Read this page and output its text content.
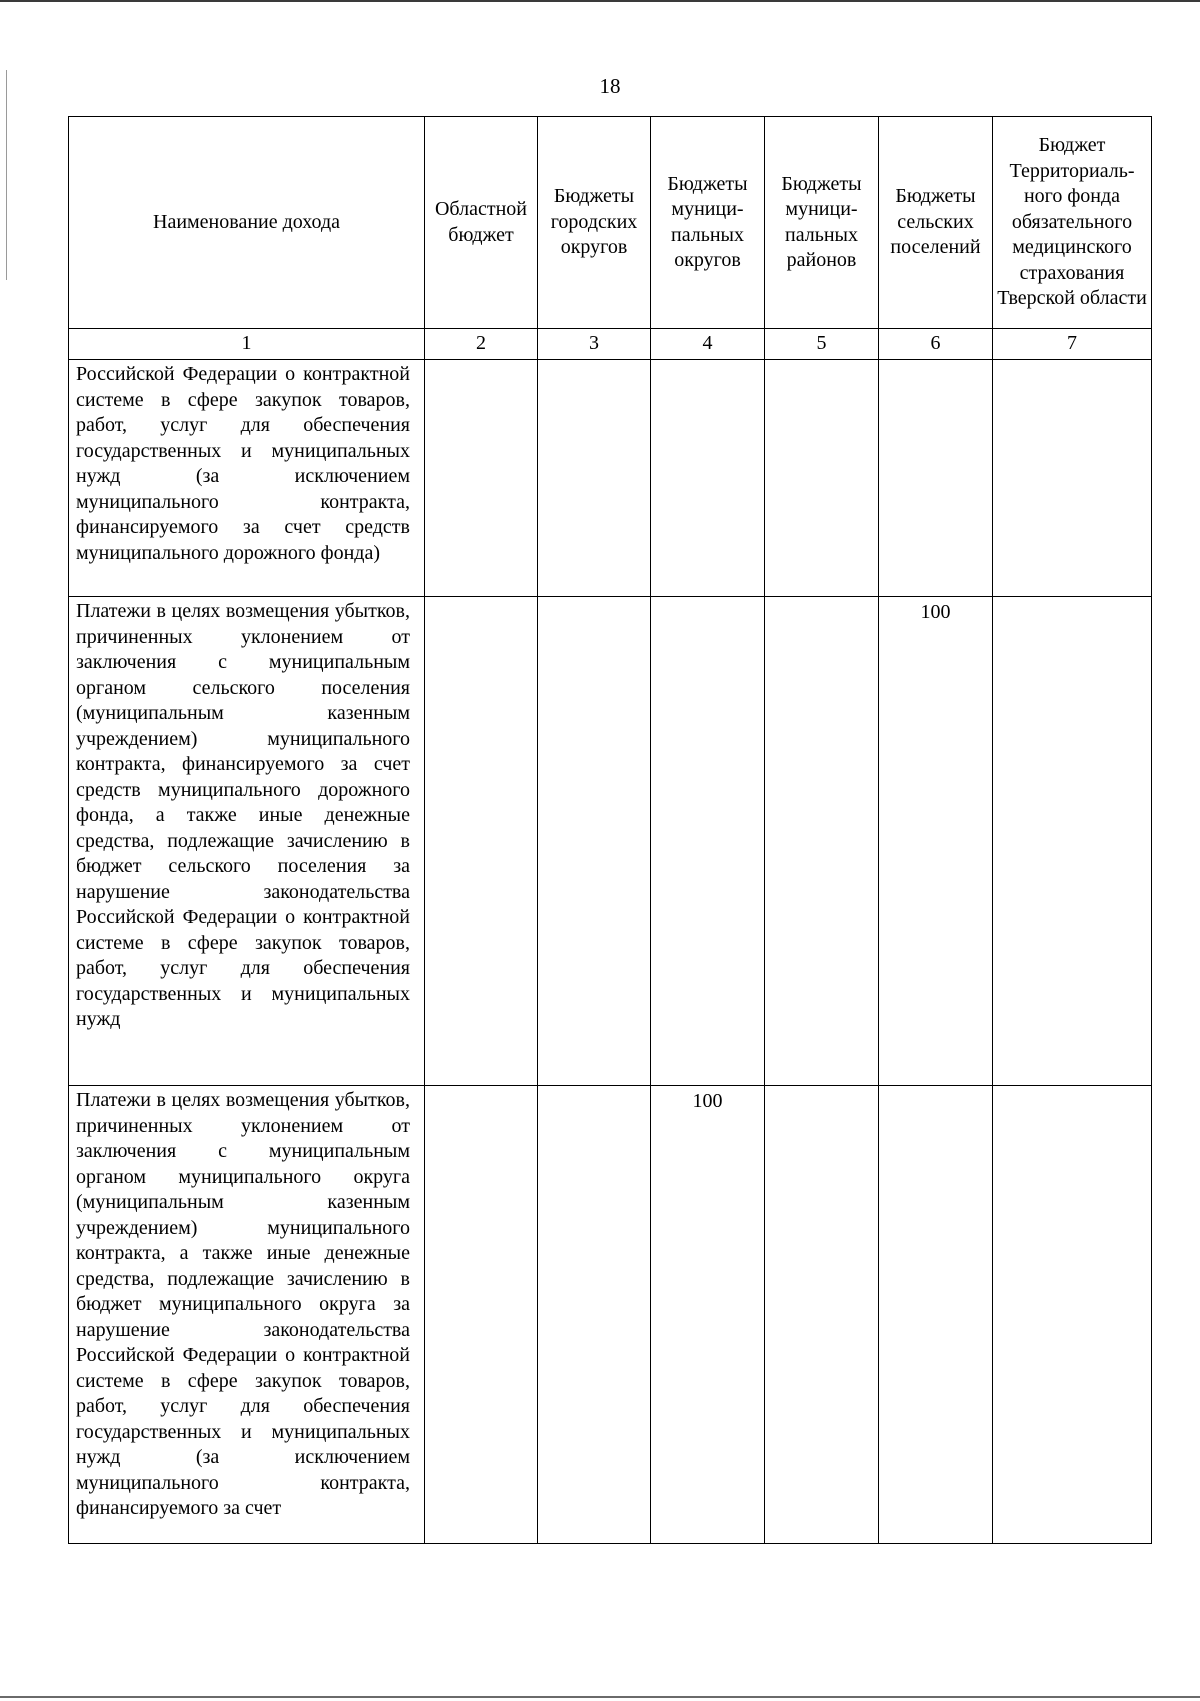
18
Наименование дохода	Областной бюджет	Бюджеты городских округов	Бюджеты муници-пальных округов	Бюджеты муници-пальных районов	Бюджеты сельских поселений	Бюджет Территориаль-ного фонда обязательного медицинского страхования Тверской области
1	2	3	4	5	6	7
Российской Федерации о контрактной системе в сфере закупок товаров, работ, услуг для обеспечения государственных и муниципальных нужд (за исключением муниципального контракта, финансируемого за счет средств муниципального дорожного фонда)						
Платежи в целях возмещения убытков, причиненных уклонением от заключения с муниципальным органом сельского поселения (муниципальным казенным учреждением) муниципального контракта, финансируемого за счет средств муниципального дорожного фонда, а также иные денежные средства, подлежащие зачислению в бюджет сельского поселения за нарушение законодательства Российской Федерации о контрактной системе в сфере закупок товаров, работ, услуг для обеспечения государственных и муниципальных нужд					100	
Платежи в целях возмещения убытков, причиненных уклонением от заключения с муниципальным органом муниципального округа (муниципальным казенным учреждением) муниципального контракта, а также иные денежные средства, подлежащие зачислению в бюджет муниципального округа за нарушение законодательства Российской Федерации о контрактной системе в сфере закупок товаров, работ, услуг для обеспечения государственных и муниципальных нужд (за исключением муниципального контракта, финансируемого за счет			100			
